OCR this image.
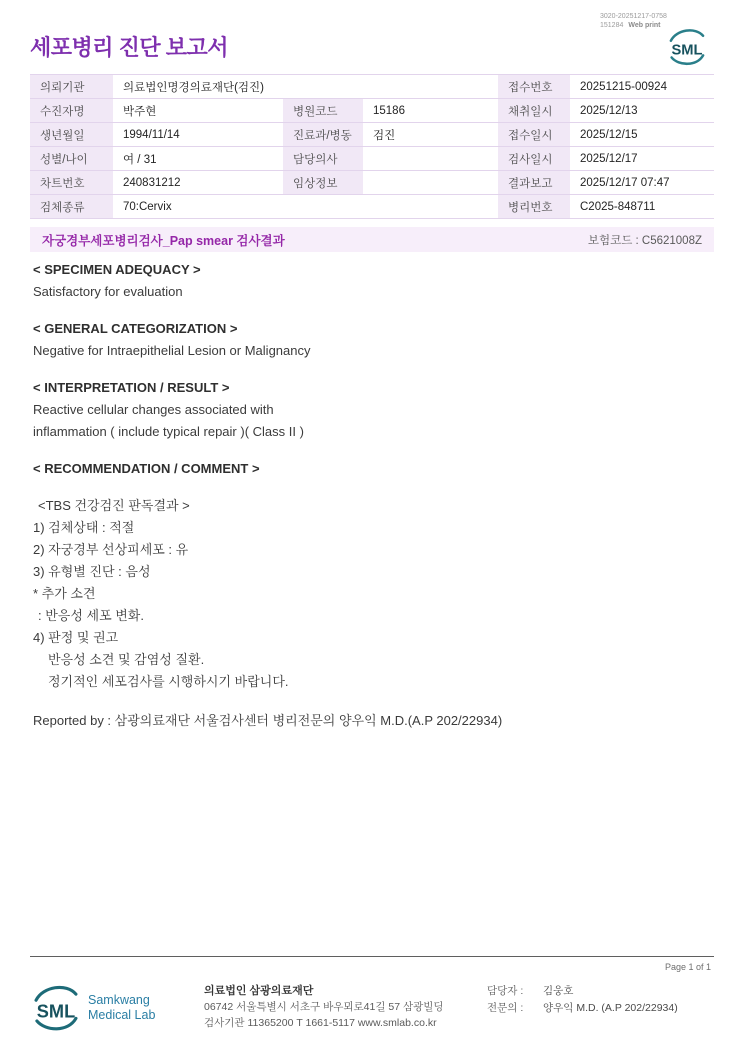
3020-20251217-0758
151284 Web print
세포병리 진단 보고서	SML
의뢰기관	의료법인명경의료재단(검진)			접수번호	20251215-00924
수진자명	박주현	병원코드	15186	채취일시	2025/12/13
생년월일	1994/11/14	진료과/병동	검진	접수일시	2025/12/15
성별/나이	여 / 31	담당의사		검사일시	2025/12/17
차트번호	240831212	임상정보		결과보고	2025/12/17 07:47
검체종류	70:Cervix			병리번호	C2025-848711
자궁경부세포병리검사_Pap smear 검사결과	보험코드 : C5621008Z
< SPECIMEN ADEQUACY >
Satisfactory for evaluation
< GENERAL CATEGORIZATION >
Negative for Intraepithelial Lesion or Malignancy
< INTERPRETATION / RESULT >
Reactive cellular changes associated with
inflammation ( include typical repair )( Class II )
< RECOMMENDATION / COMMENT >
<TBS 건강검진 판독결과 >
1) 검체상태 : 적절
2) 자궁경부 선상피세포 : 유
3) 유형별 진단 : 음성
* 추가 소견
: 반응성 세포 변화.
4) 판정 및 권고
반응성 소견 및 감염성 질환.
정기적인 세포검사를 시행하시기 바랍니다.
Reported by : 삼광의료재단 서울검사센터 병리전문의 양우익 M.D.(A.P 202/22934)
Page 1 of 1
SML
Samkwang
Medical Lab
의료법인 삼광의료재단
06742 서울특별시 서초구 바우뫼로41길 57 삼광빌딩
검사기관 11365200 T 1661-5117 www.smlab.co.kr
담당자 :	김웅호
전문의 :	양우익 M.D. (A.P 202/22934)
